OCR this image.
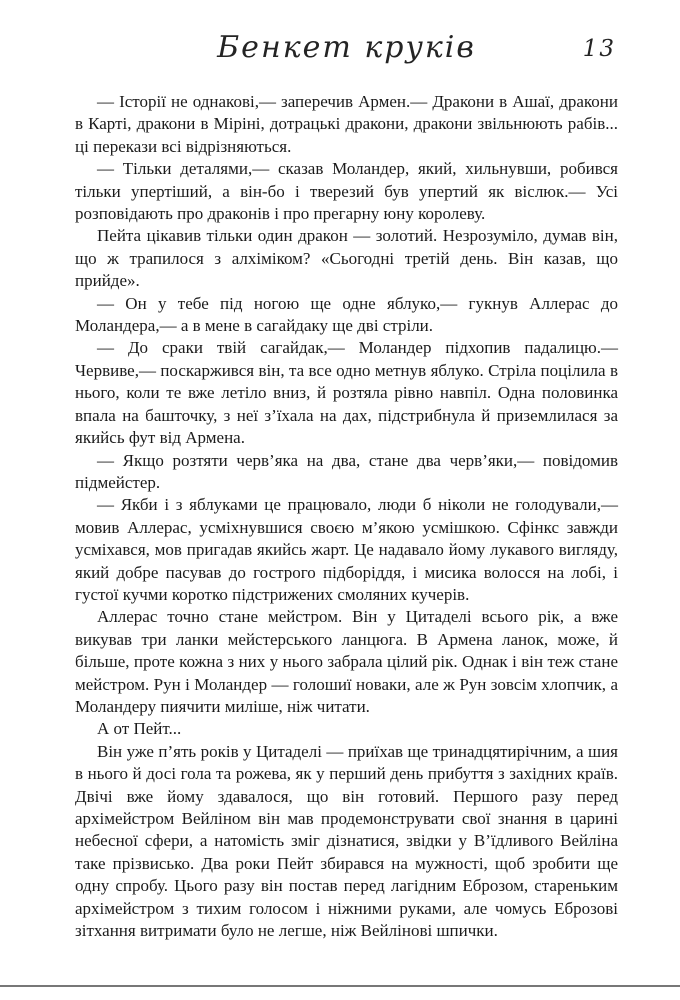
Бенкет круків	13

— Історії не однакові,— заперечив Армен.— Дракони в Ашаї, дракони в Карті, дракони в Міріні, дотрацькі дракони, дракони звільнюють рабів... ці перекази всі відрізняються.

— Тільки деталями,— сказав Моландер, який, хильнувши, робився тільки упертіший, а він-бо і тверезий був упертий як віслюк.— Усі розповідають про драконів і про прегарну юну королеву.

Пейта цікавив тільки один дракон — золотий. Незрозуміло, думав він, що ж трапилося з алхіміком? «Сьогодні третій день. Він казав, що прийде».

— Он у тебе під ногою ще одне яблуко,— гукнув Аллерас до Моландера,— а в мене в сагайдаку ще дві стріли.

— До сраки твій сагайдак,— Моландер підхопив падалицю.— Червиве,— поскаржився він, та все одно метнув яблуко. Стріла поцілила в нього, коли те вже летіло вниз, й розтяла рівно навпіл. Одна половинка впала на башточку, з неї з’їхала на дах, підстрибнула й приземлилася за якийсь фут від Армена.

— Якщо розтяти черв’яка на два, стане два черв’яки,— повідомив підмейстер.

— Якби і з яблуками це працювало, люди б ніколи не голодували,— мовив Аллерас, усміхнувшися своєю м’якою усмішкою. Сфінкс завжди усміхався, мов пригадав якийсь жарт. Це надавало йому лукавого вигляду, який добре пасував до гострого підборіддя, і мисика волосся на лобі, і густої кучми коротко підстрижених смоляних кучерів.

Аллерас точно стане мейстром. Він у Цитаделі всього рік, а вже викував три ланки мейстерського ланцюга. В Армена ланок, може, й більше, проте кожна з них у нього забрала цілий рік. Однак і він теж стане мейстром. Рун і Моландер — голошиї новаки, але ж Рун зовсім хлопчик, а Моландеру пиячити миліше, ніж читати.

А от Пейт...

Він уже п’ять років у Цитаделі — приїхав ще тринадцятирічним, а шия в нього й досі гола та рожева, як у перший день прибуття з західних країв. Двічі вже йому здавалося, що він готовий. Першого разу перед архімейстром Вейліном він мав продемонструвати свої знання в царині небесної сфери, а натомість зміг дізнатися, звідки у В’їдливого Вейліна таке прізвисько. Два роки Пейт збирався на мужності, щоб зробити ще одну спробу. Цього разу він постав перед лагідним Еброзом, стареньким архімейстром з тихим голосом і ніжними руками, але чомусь Еброзові зітхання витримати було не легше, ніж Вейлінові шпички.
